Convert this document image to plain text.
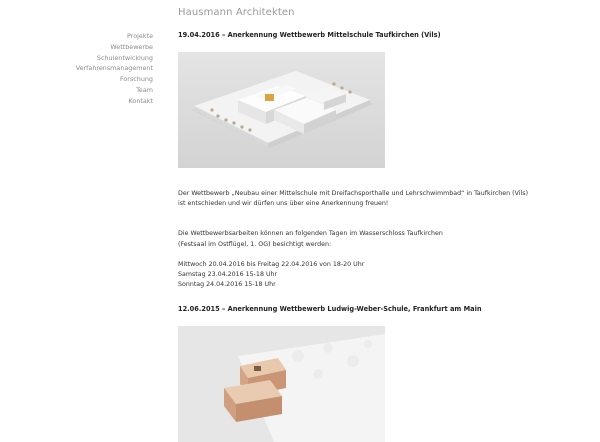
Hausmann Architekten
Projekte
Wettbewerbe
Schulentwicklung
Verfahrensmanagement
Forschung
Team
Kontakt
19.04.2016 – Anerkennung Wettbewerb Mittelschule Taufkirchen (Vils)

Der Wettbewerb „Neubau einer Mittelschule mit Dreifachsporthalle und Lehrschwimmbad“ in Taufkirchen (Vils)

ist entschieden und wir dürfen uns über eine Anerkennung freuen!

Die Wettbewerbsarbeiten können an folgenden Tagen im Wasserschloss Taufkirchen

(Festsaal im Ostflügel, 1. OG) besichtigt werden:

Mittwoch 20.04.2016 bis Freitag 22.04.2016 von 18-20 Uhr

Samstag 23.04.2016 15-18 Uhr

Sonntag 24.04.2016 15-18 Uhr

12.06.2015 – Anerkennung Wettbewerb Ludwig-Weber-Schule, Frankfurt am Main
